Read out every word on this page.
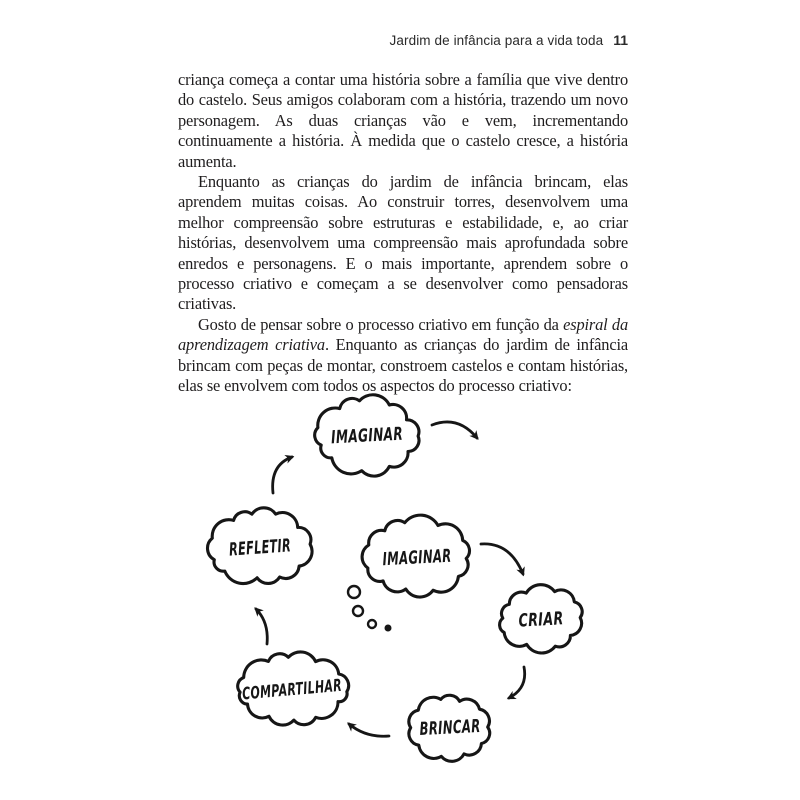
Jardim de infância para a vida toda 11

criança começa a contar uma história sobre a família que vive dentro do castelo. Seus amigos colaboram com a história, trazendo um novo personagem. As duas crianças vão e vem, incrementando continuamente a história. À medida que o castelo cresce, a história aumenta.

Enquanto as crianças do jardim de infância brincam, elas aprendem muitas coisas. Ao construir torres, desenvolvem uma melhor compreensão sobre estruturas e estabilidade, e, ao criar histórias, desenvolvem uma compreensão mais aprofundada sobre enredos e personagens. E o mais importante, aprendem sobre o processo criativo e começam a se desenvolver como pensadoras criativas.

Gosto de pensar sobre o processo criativo em função da espiral da aprendizagem criativa. Enquanto as crianças do jardim de infância brincam com peças de montar, constroem castelos e contam histórias, elas se envolvem com todos os aspectos do processo criativo:

IMAGINAR
REFLETIR	IMAGINAR
CRIAR
COMPARTILHAR
BRINCAR
